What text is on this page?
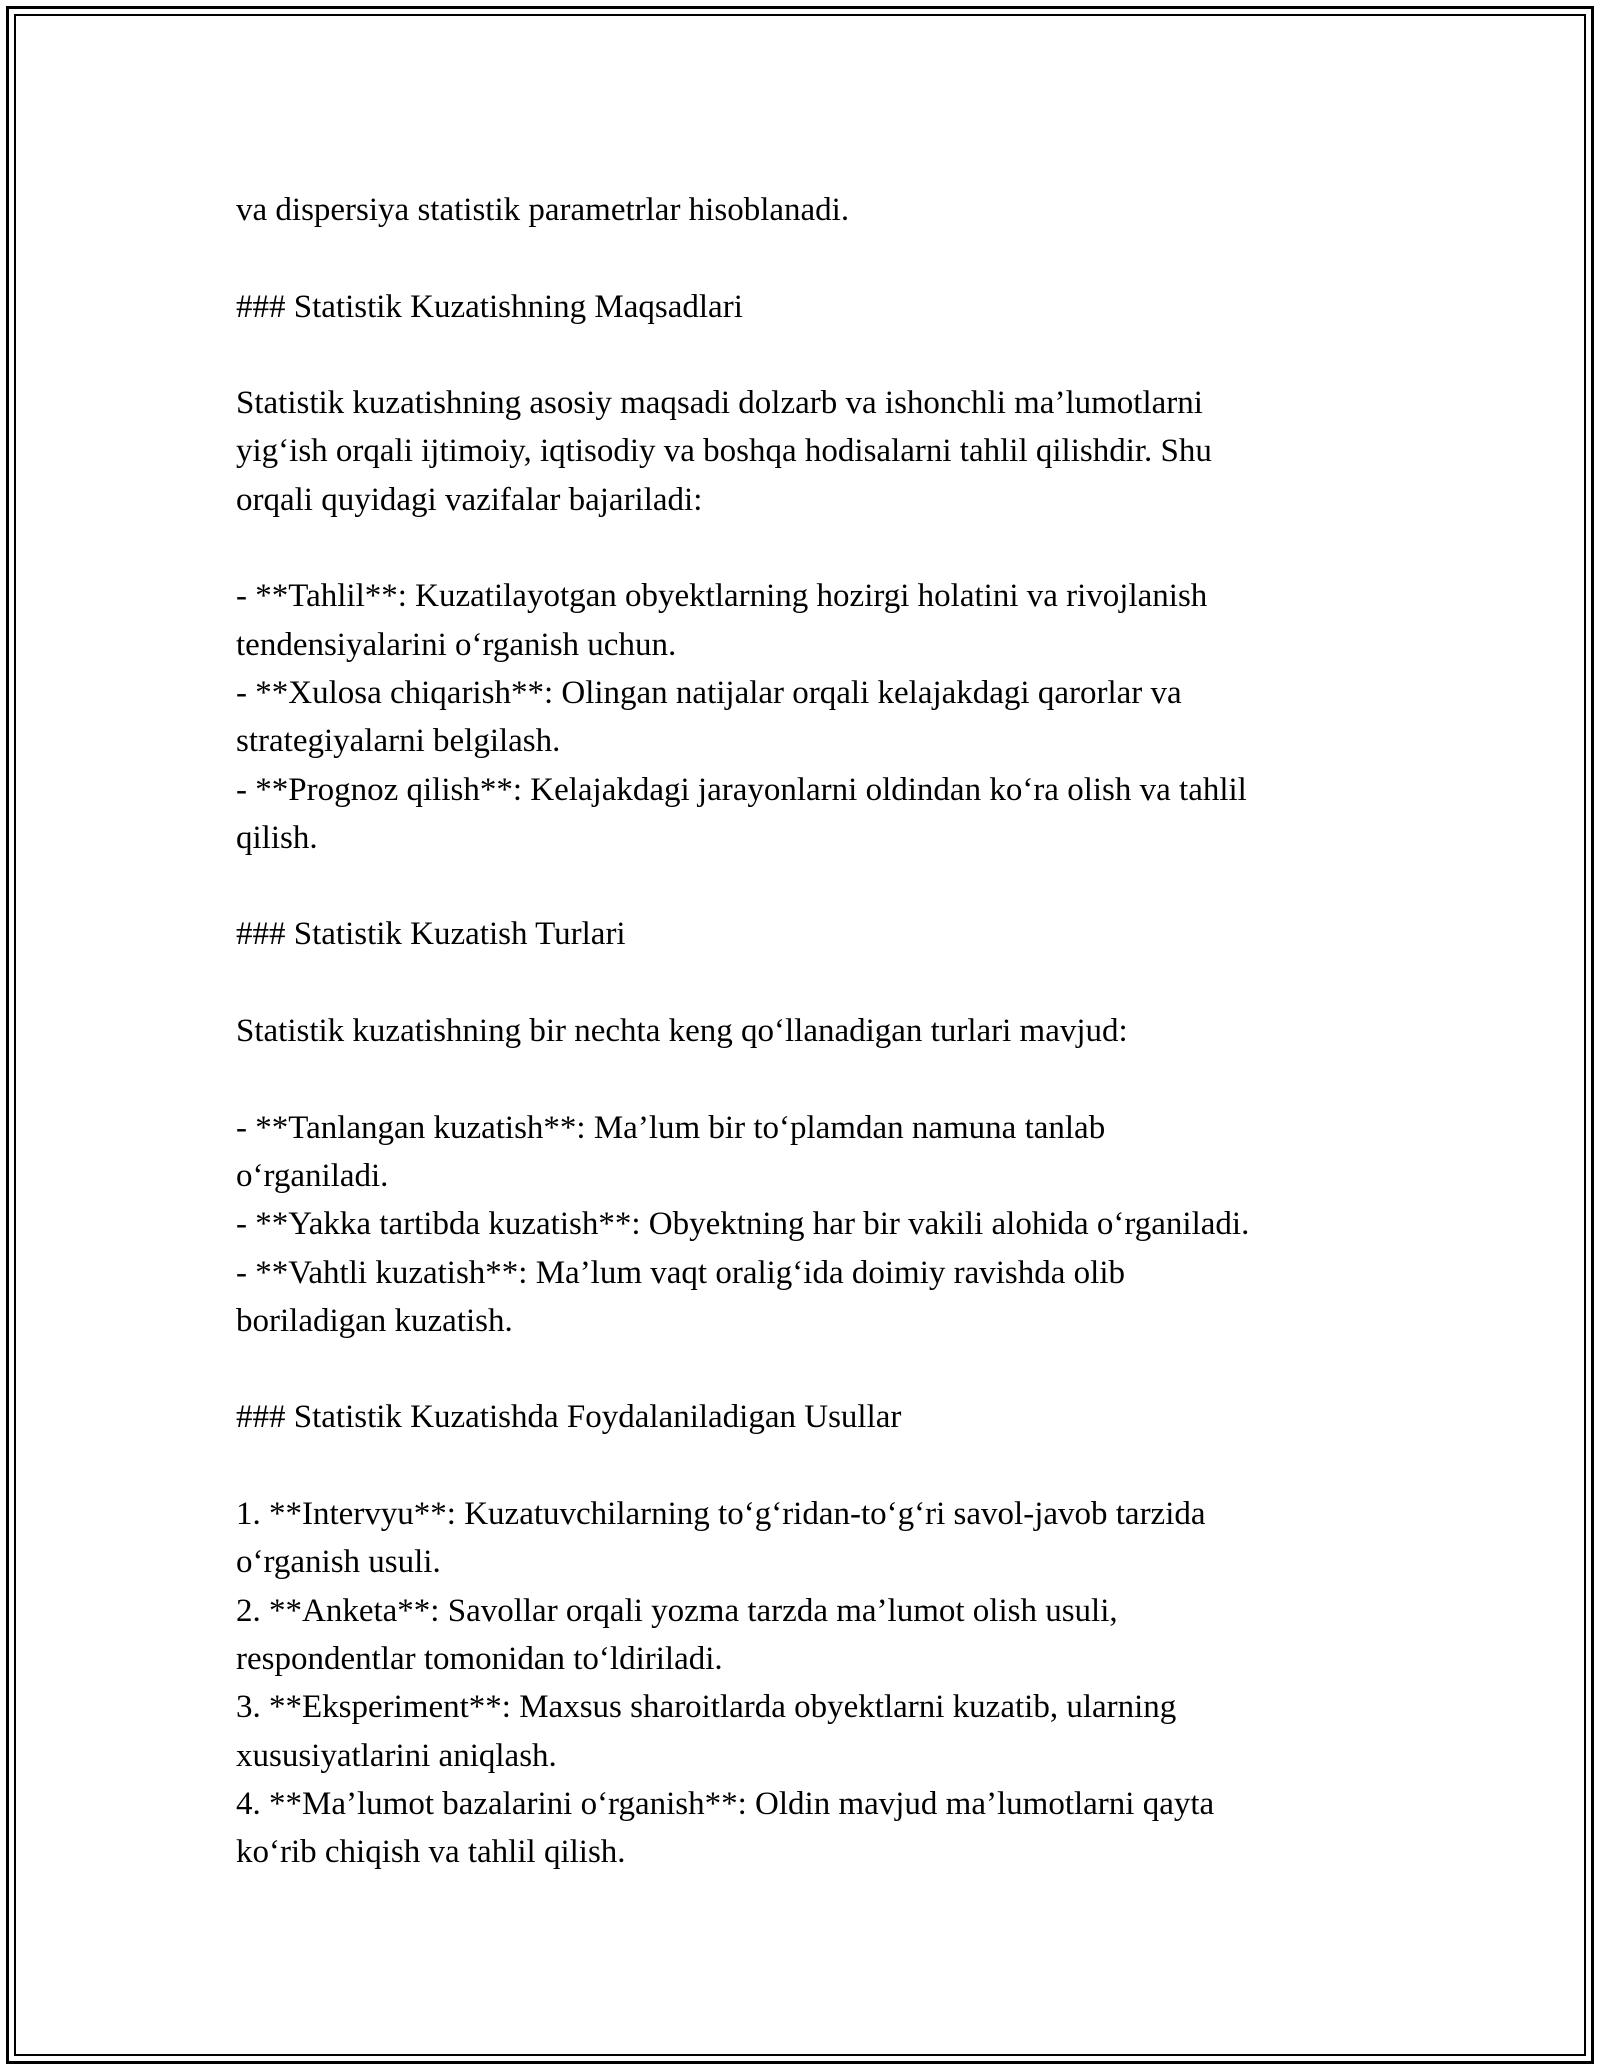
va dispersiya statistik parametrlar hisoblanadi.
### Statistik Kuzatishning Maqsadlari
Statistik kuzatishning asosiy maqsadi dolzarb va ishonchli ma’lumotlarni
yig‘ish orqali ijtimoiy, iqtisodiy va boshqa hodisalarni tahlil qilishdir. Shu
orqali quyidagi vazifalar bajariladi:
- **Tahlil**: Kuzatilayotgan obyektlarning hozirgi holatini va rivojlanish
tendensiyalarini o‘rganish uchun.
- **Xulosa chiqarish**: Olingan natijalar orqali kelajakdagi qarorlar va
strategiyalarni belgilash.
- **Prognoz qilish**: Kelajakdagi jarayonlarni oldindan ko‘ra olish va tahlil
qilish.
### Statistik Kuzatish Turlari
Statistik kuzatishning bir nechta keng qo‘llanadigan turlari mavjud:
- **Tanlangan kuzatish**: Ma’lum bir to‘plamdan namuna tanlab
o‘rganiladi.
- **Yakka tartibda kuzatish**: Obyektning har bir vakili alohida o‘rganiladi.
- **Vahtli kuzatish**: Ma’lum vaqt oralig‘ida doimiy ravishda olib
boriladigan kuzatish.
### Statistik Kuzatishda Foydalaniladigan Usullar
1. **Intervyu**: Kuzatuvchilarning to‘g‘ridan-to‘g‘ri savol-javob tarzida
o‘rganish usuli.
2. **Anketa**: Savollar orqali yozma tarzda ma’lumot olish usuli,
respondentlar tomonidan to‘ldiriladi.
3. **Eksperiment**: Maxsus sharoitlarda obyektlarni kuzatib, ularning
xususiyatlarini aniqlash.
4. **Ma’lumot bazalarini o‘rganish**: Oldin mavjud ma’lumotlarni qayta
ko‘rib chiqish va tahlil qilish.
